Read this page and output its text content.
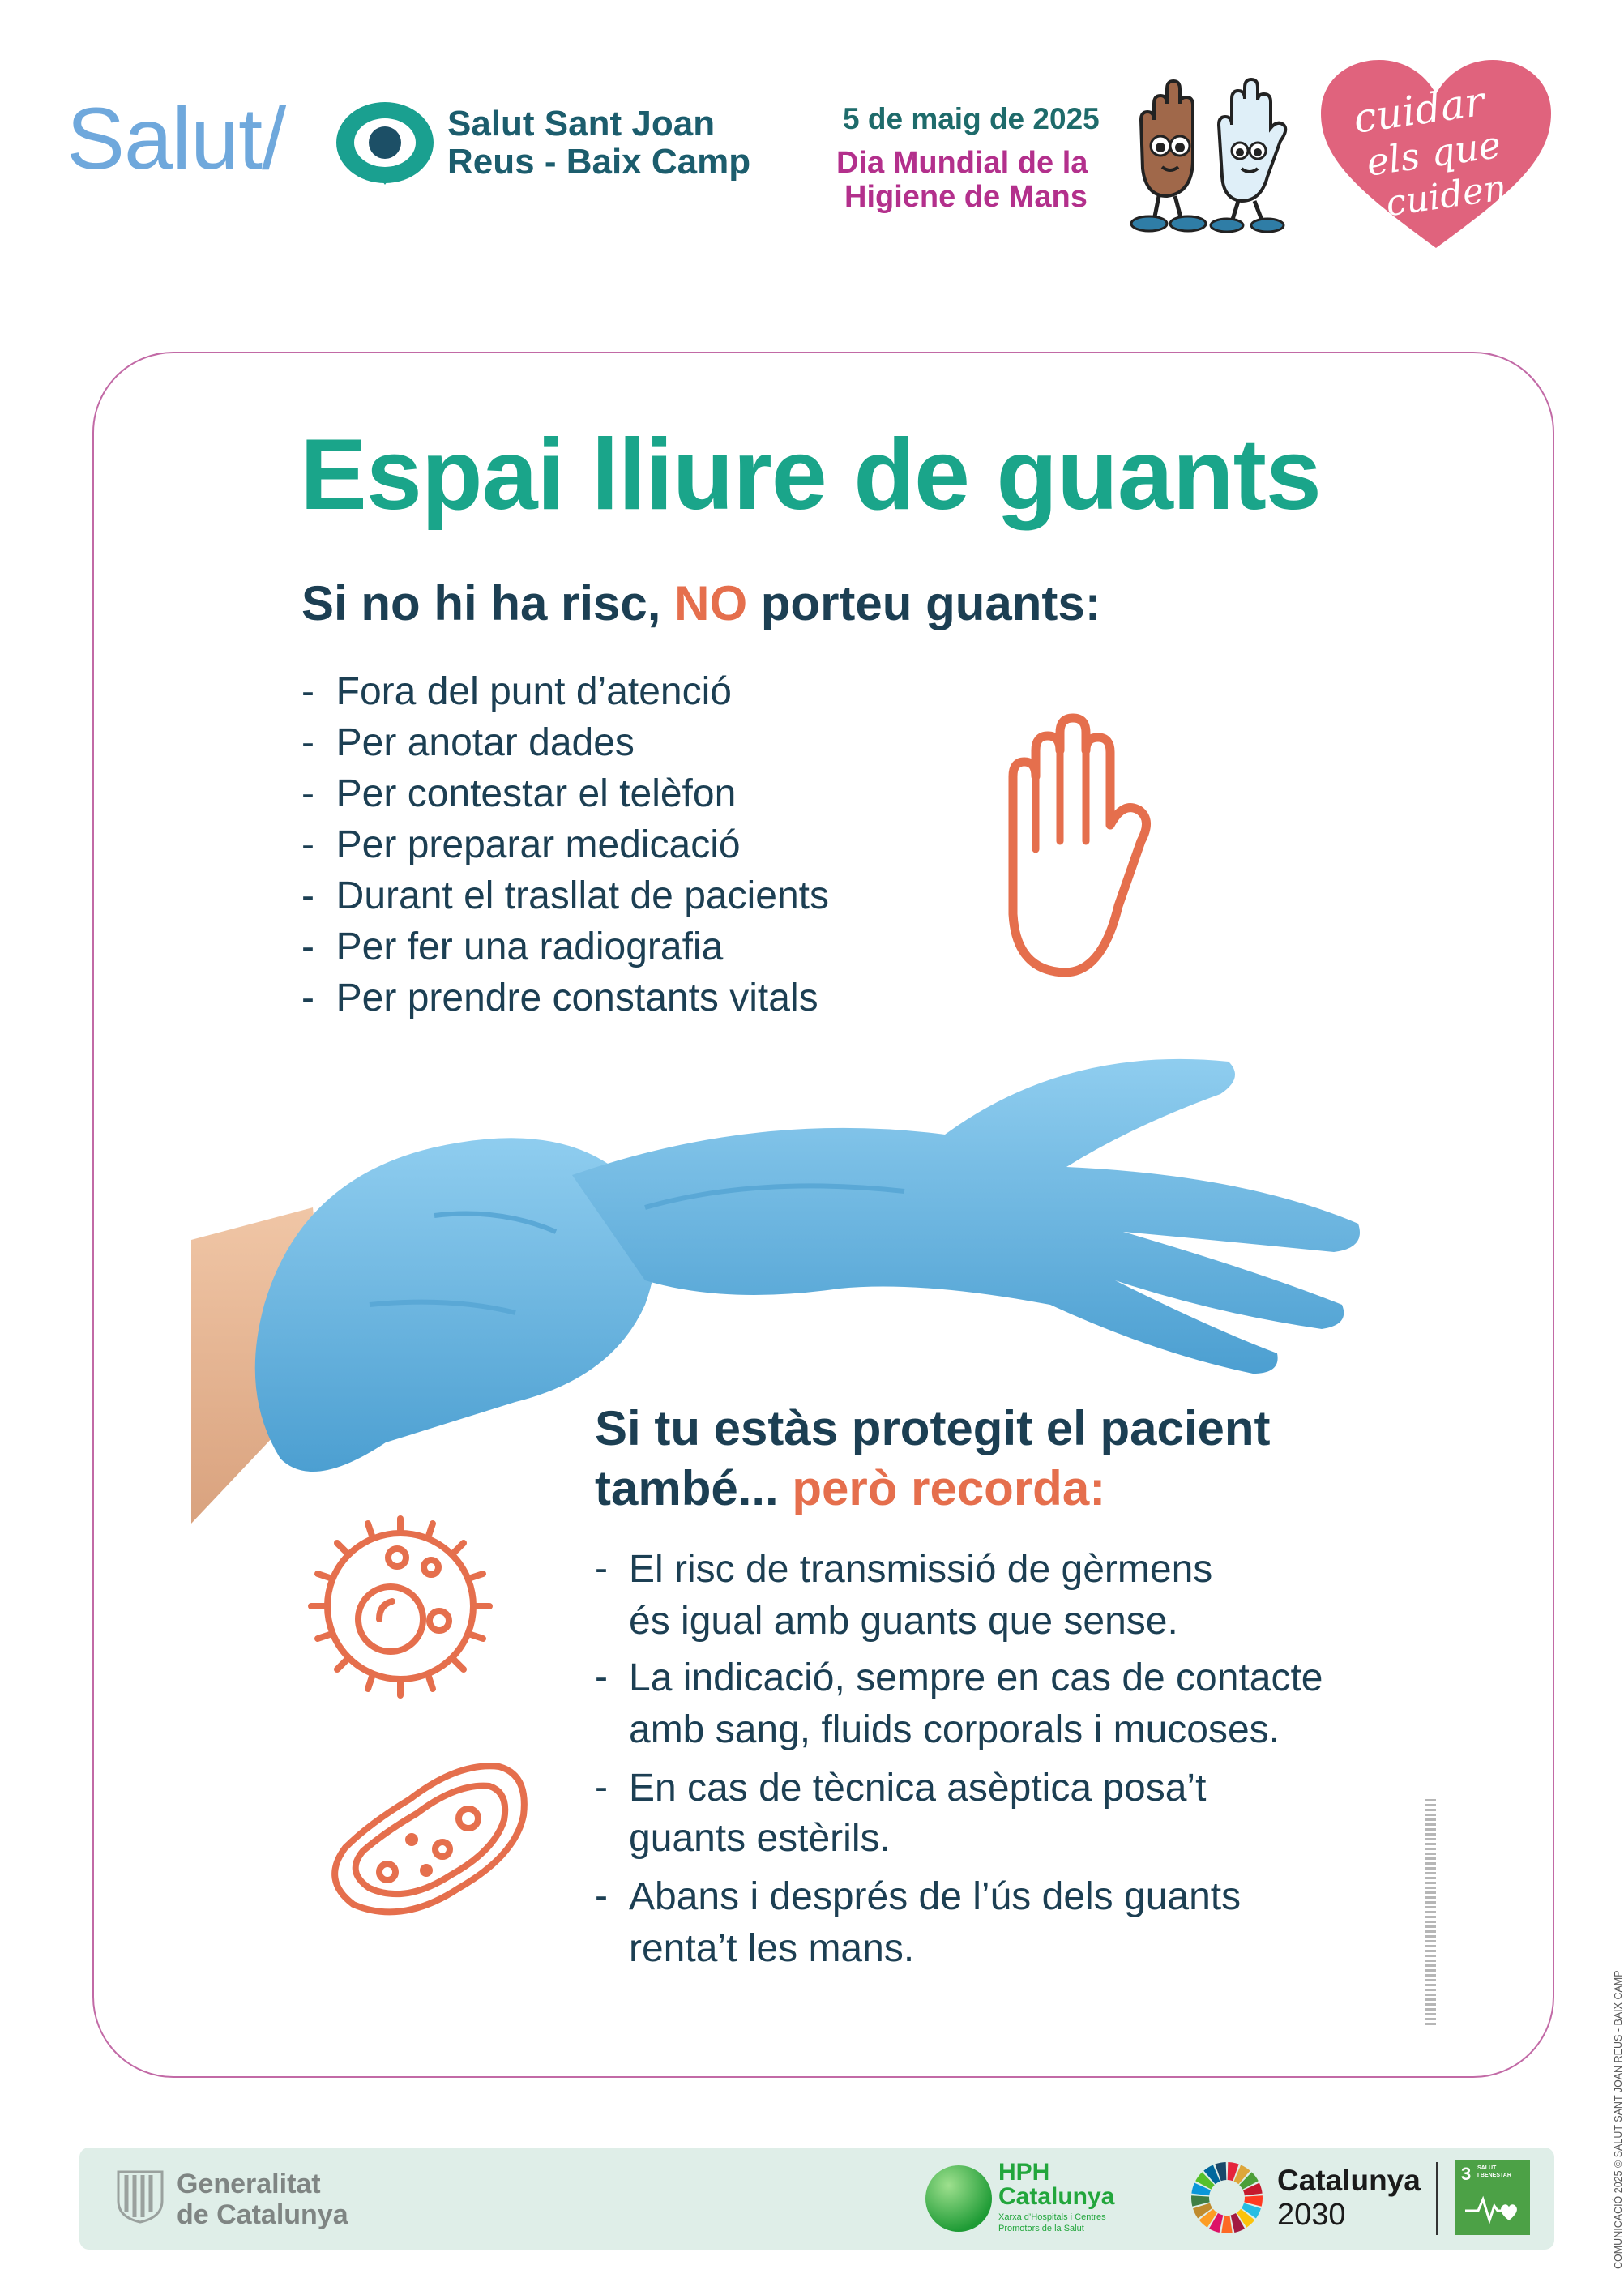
Salut/	Salut Sant Joan
Reus - Baix Camp
5 de maig de 2025
Dia Mundial de la
Higiene de Mans
cuidar
els que
cuiden
Espai lliure de guants
Si no hi ha risc, NO porteu guants:
-  Fora del punt d’atenció
-  Per anotar dades
-  Per contestar el telèfon
-  Per preparar medicació
-  Durant el trasllat de pacients
-  Per fer una radiografia
-  Per prendre constants vitals
Si tu estàs protegit el pacient
també... però recorda:
- El risc de transmissió de gèrmens
és igual amb guants que sense.
- La indicació, sempre en cas de contacte
amb sang, fluids corporals i mucoses.
- En cas de tècnica asèptica posa’t
guants estèrils.
- Abans i després de l’ús dels guants
renta’t les mans.
Generalitat
de Catalunya
HPH
Catalunya
Xarxa d’Hospitals i Centres
Promotors de la Salut
Catalunya
2030
3 SALUT
I BENESTAR	COMUNICACIÓ 2025 © SALUT SANT JOAN REUS - BAIX CAMP
